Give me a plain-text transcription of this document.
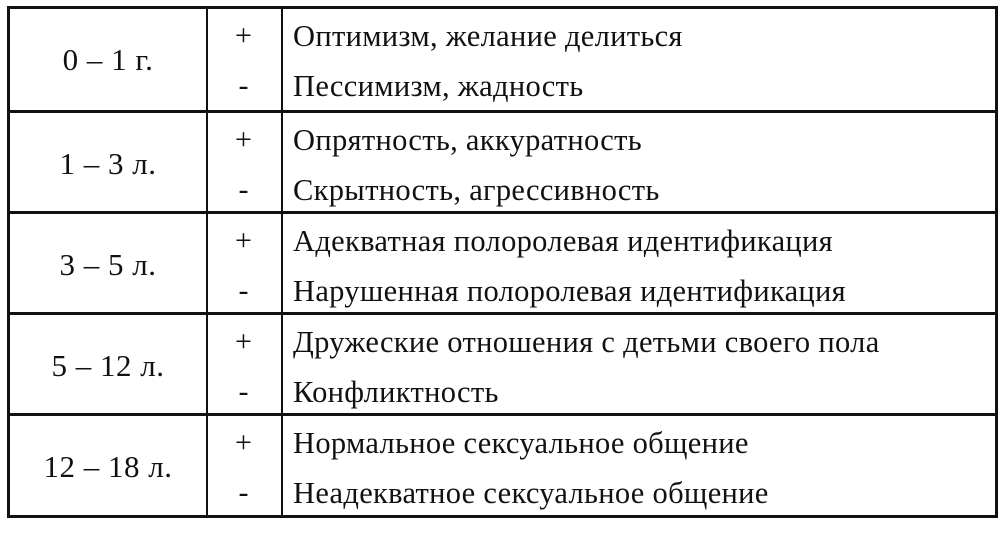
0 – 1 г.
+
-
Оптимизм, желание делиться
Пессимизм, жадность
1 – 3 л.
+
-
Опрятность, аккуратность
Скрытность, агрессивность
3 – 5 л.
+
-
Адекватная полоролевая идентификация
Нарушенная полоролевая идентификация
5 – 12 л.
+
-
Дружеские отношения с детьми своего пола
Конфликтность
12 – 18 л.
+
-
Нормальное сексуальное общение
Неадекватное сексуальное общение
